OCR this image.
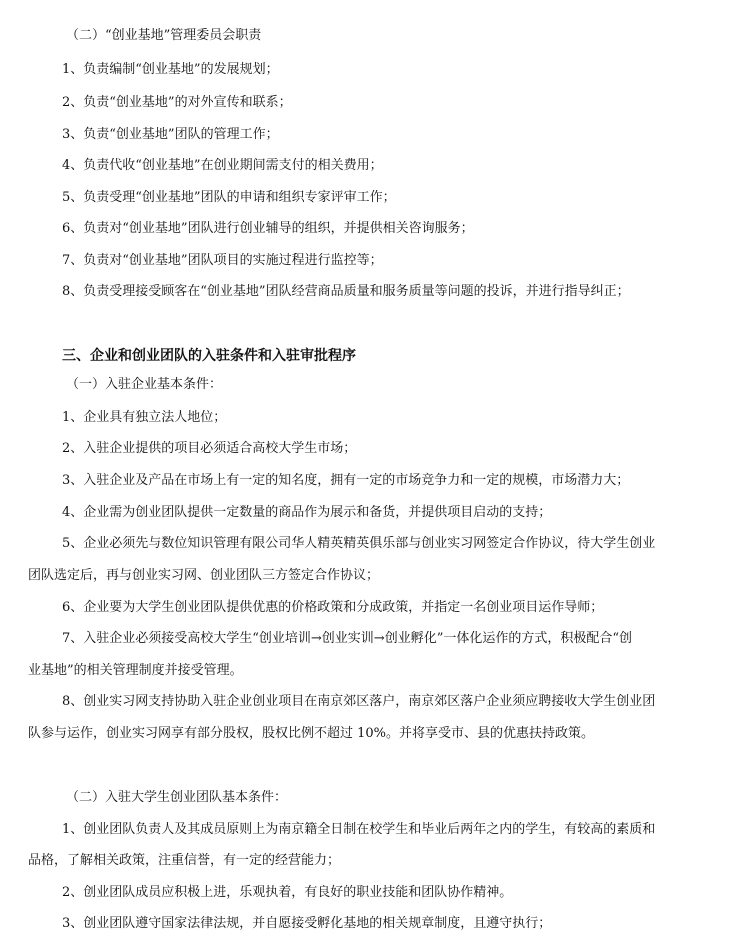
（二）“创业基地”管理委员会职责
1、负责编制“创业基地”的发展规划；
2、负责“创业基地”的对外宣传和联系；
3、负责“创业基地”团队的管理工作；
4、负责代收“创业基地”在创业期间需支付的相关费用；
5、负责受理“创业基地”团队的申请和组织专家评审工作；
6、负责对“创业基地”团队进行创业辅导的组织，并提供相关咨询服务；
7、负责对“创业基地”团队项目的实施过程进行监控等；
8、负责受理接受顾客在“创业基地”团队经营商品质量和服务质量等问题的投诉，并进行指导纠正；
三、企业和创业团队的入驻条件和入驻审批程序
（一）入驻企业基本条件：
1、企业具有独立法人地位；
2、入驻企业提供的项目必须适合高校大学生市场；
3、入驻企业及产品在市场上有一定的知名度，拥有一定的市场竞争力和一定的规模，市场潜力大；
4、企业需为创业团队提供一定数量的商品作为展示和备货，并提供项目启动的支持；
5、企业必须先与数位知识管理有限公司华人精英精英俱乐部与创业实习网签定合作协议，待大学生创业
团队选定后，再与创业实习网、创业团队三方签定合作协议；
6、企业要为大学生创业团队提供优惠的价格政策和分成政策，并指定一名创业项目运作导师；
7、入驻企业必须接受高校大学生“创业培训→创业实训→创业孵化”一体化运作的方式，积极配合“创
业基地”的相关管理制度并接受管理。
8、创业实习网支持协助入驻企业创业项目在南京郊区落户，南京郊区落户企业须应聘接收大学生创业团
队参与运作，创业实习网享有部分股权，股权比例不超过 10%。并将享受市、县的优惠扶持政策。
（二）入驻大学生创业团队基本条件：
1、创业团队负责人及其成员原则上为南京籍全日制在校学生和毕业后两年之内的学生，有较高的素质和
品格，了解相关政策，注重信誉，有一定的经营能力；
2、创业团队成员应积极上进，乐观执着，有良好的职业技能和团队协作精神。
3、创业团队遵守国家法律法规，并自愿接受孵化基地的相关规章制度，且遵守执行；
